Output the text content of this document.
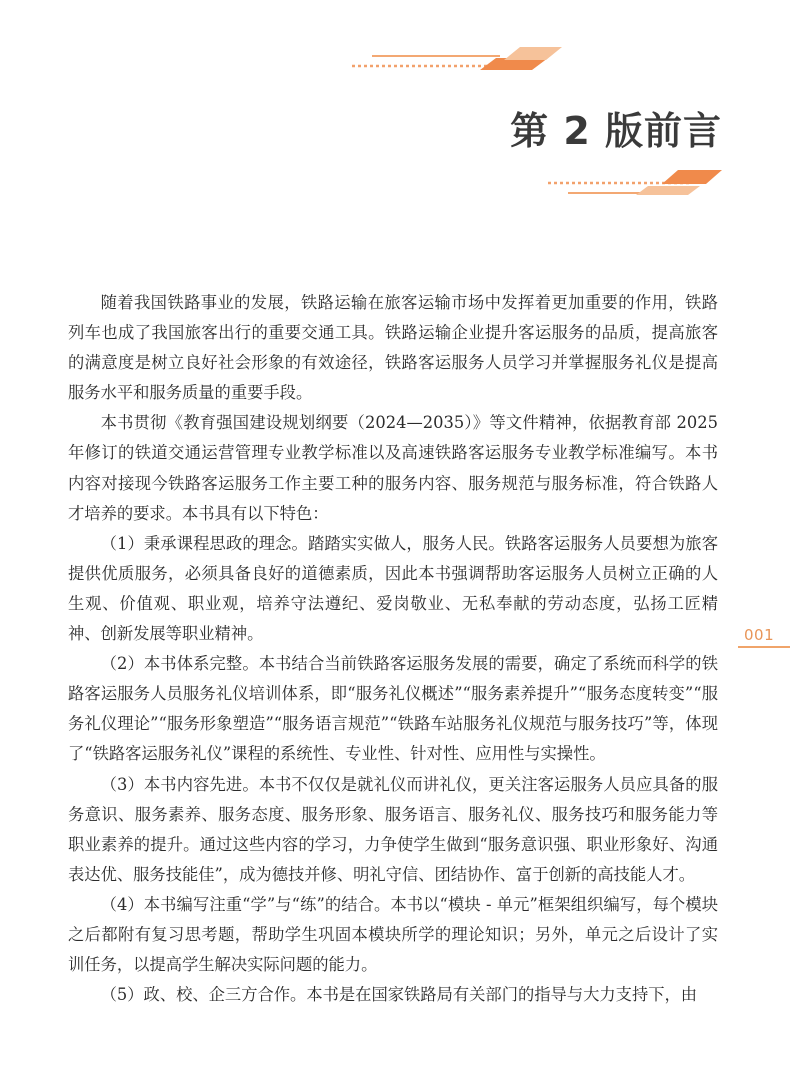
第 2 版前言

随着我国铁路事业的发展，铁路运输在旅客运输市场中发挥着更加重要的作用，铁路列车也成了我国旅客出行的重要交通工具。铁路运输企业提升客运服务的品质，提高旅客的满意度是树立良好社会形象的有效途径，铁路客运服务人员学习并掌握服务礼仪是提高服务水平和服务质量的重要手段。

本书贯彻《教育强国建设规划纲要（2024—2035）》等文件精神，依据教育部 2025 年修订的铁道交通运营管理专业教学标准以及高速铁路客运服务专业教学标准编写。本书内容对接现今铁路客运服务工作主要工种的服务内容、服务规范与服务标准，符合铁路人才培养的要求。本书具有以下特色：

（1）秉承课程思政的理念。踏踏实实做人，服务人民。铁路客运服务人员要想为旅客提供优质服务，必须具备良好的道德素质，因此本书强调帮助客运服务人员树立正确的人生观、价值观、职业观，培养守法遵纪、爱岗敬业、无私奉献的劳动态度，弘扬工匠精神、创新发展等职业精神。

（2）本书体系完整。本书结合当前铁路客运服务发展的需要，确定了系统而科学的铁路客运服务人员服务礼仪培训体系，即“服务礼仪概述”“服务素养提升”“服务态度转变”“服务礼仪理论”“服务形象塑造”“服务语言规范”“铁路车站服务礼仪规范与服务技巧”等，体现了“铁路客运服务礼仪”课程的系统性、专业性、针对性、应用性与实操性。

（3）本书内容先进。本书不仅仅是就礼仪而讲礼仪，更关注客运服务人员应具备的服务意识、服务素养、服务态度、服务形象、服务语言、服务礼仪、服务技巧和服务能力等职业素养的提升。通过这些内容的学习，力争使学生做到“服务意识强、职业形象好、沟通表达优、服务技能佳”，成为德技并修、明礼守信、团结协作、富于创新的高技能人才。

（4）本书编写注重“学”与“练”的结合。本书以“模块 - 单元”框架组织编写，每个模块之后都附有复习思考题，帮助学生巩固本模块所学的理论知识；另外，单元之后设计了实训任务，以提高学生解决实际问题的能力。

（5）政、校、企三方合作。本书是在国家铁路局有关部门的指导与大力支持下，由

001
